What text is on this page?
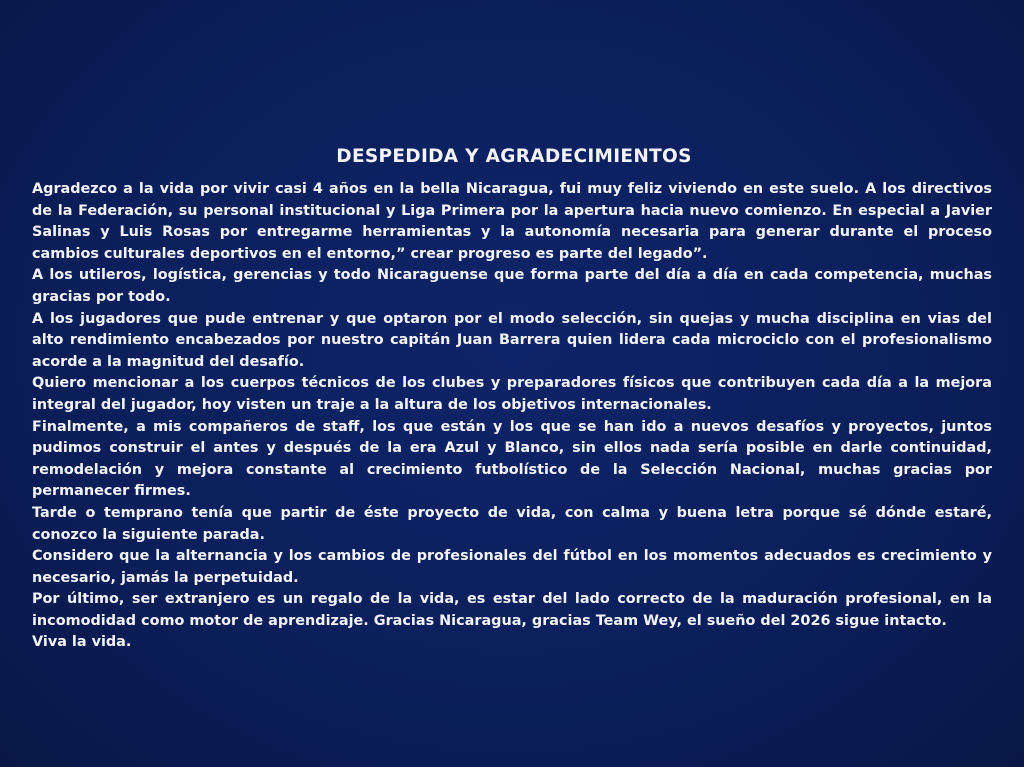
DESPEDIDA Y AGRADECIMIENTOS

Agradezco a la vida por vivir casi 4 años en la bella Nicaragua, fui muy feliz viviendo en este suelo. A los directivos de la Federación, su personal institucional y Liga Primera por la apertura hacia nuevo comienzo. En especial a Javier Salinas y Luis Rosas por entregarme herramientas y la autonomía necesaria para generar durante el proceso cambios culturales deportivos en el entorno,” crear progreso es parte del legado”.

A los utileros, logística, gerencias y todo Nicaraguense que forma parte del día a día en cada competencia, muchas gracias por todo.

A los jugadores que pude entrenar y que optaron por el modo selección, sin quejas y mucha disciplina en vias del alto rendimiento encabezados por nuestro capitán Juan Barrera quien lidera cada microciclo con el profesionalismo acorde a la magnitud del desafío.

Quiero mencionar a los cuerpos técnicos de los clubes y preparadores físicos que contribuyen cada día a la mejora integral del jugador, hoy visten un traje a la altura de los objetivos internacionales.

Finalmente, a mis compañeros de staff, los que están y los que se han ido a nuevos desafíos y proyectos, juntos pudimos construir el antes y después de la era Azul y Blanco, sin ellos nada sería posible en darle continuidad, remodelación y mejora constante al crecimiento futbolístico de la Selección Nacional, muchas gracias por permanecer firmes.

Tarde o temprano tenía que partir de éste proyecto de vida, con calma y buena letra porque sé dónde estaré, conozco la siguiente parada.

Considero que la alternancia y los cambios de profesionales del fútbol en los momentos adecuados es crecimiento y necesario, jamás la perpetuidad.

Por último, ser extranjero es un regalo de la vida, es estar del lado correcto de la maduración profesional, en la incomodidad como motor de aprendizaje. Gracias Nicaragua, gracias Team Wey, el sueño del 2026 sigue intacto.

Viva la vida.
